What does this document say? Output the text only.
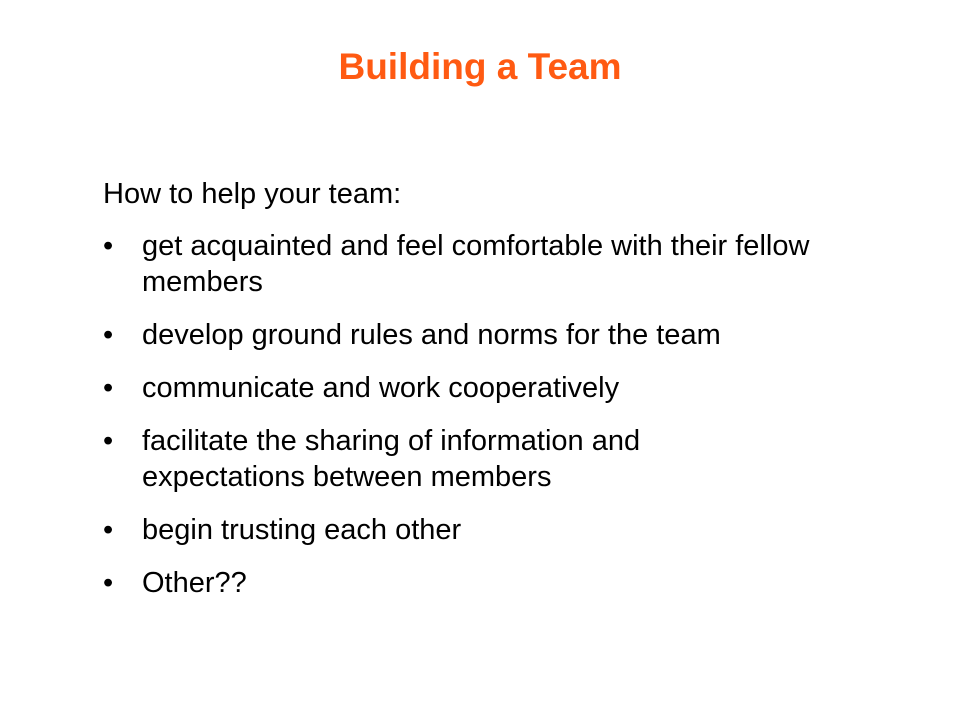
Building a Team

How to help your team:

• get acquainted and feel comfortable with their fellow members
• develop ground rules and norms for the team
• communicate and work cooperatively
• facilitate the sharing of information and expectations between members
• begin trusting each other
• Other??
